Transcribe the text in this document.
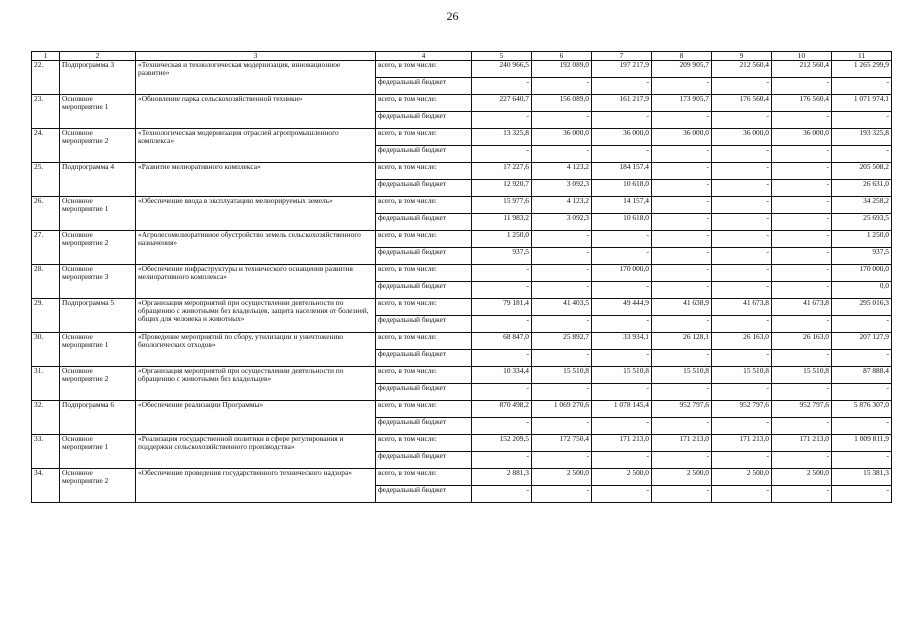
26
1	2	3	4	5	6	7	8	9	10	11
22.	Подпрограмма 3	«Техническая и технологическая модернизация, инновационное развитие»	всего, в том числе:	240 966,5	192 089,0	197 217,9	209 905,7	212 560,4	212 560,4	1 265 299,9
			федеральный бюджет	-	-	-	-	-	-	-
23.	Основное мероприятие 1	«Обновление парка сельскохозяйственной техники»	всего, в том числе:	227 640,7	156 089,0	161 217,9	173 905,7	176 560,4	176 560,4	1 071 974,1
			федеральный бюджет	-	-	-	-	-	-	-
24.	Основное мероприятие 2	«Технологическая модернизация отраслей агропромышленного комплекса»	всего, в том числе:	13 325,8	36 000,0	36 000,0	36 000,0	36 000,0	36 000,0	193 325,8
			федеральный бюджет	-	-	-	-	-	-	-
25.	Подпрограмма 4	«Развитие мелиоративного комплекса»	всего, в том числе:	17 227,6	4 123,2	184 157,4	-	-	-	205 508,2
			федеральный бюджет	12 920,7	3 092,3	10 618,0	-	-	-	26 631,0
26.	Основное мероприятие 1	«Обеспечение ввода в эксплуатацию мелиорируемых земель»	всего, в том числе:	15 977,6	4 123,2	14 157,4	-	-	-	34 258,2
			федеральный бюджет	11 983,2	3 092,3	10 618,0	-	-	-	25 693,5
27.	Основное мероприятие 2	«Агролесомелиоративное обустройство земель сельскохозяйственного назначения»	всего, в том числе:	1 250,0	-	-	-	-	-	1 250,0
			федеральный бюджет	937,5	-	-	-	-	-	937,5
28.	Основное мероприятие 3	«Обеспечение инфраструктуры и технического оснащения развития мелиоративного комплекса»	всего, в том числе:	-	-	170 000,0	-	-	-	170 000,0
			федеральный бюджет	-	-	-	-	-	-	0,0
29.	Подпрограмма 5	«Организация мероприятий при осуществлении деятельности по обращению с животными без владельцев, защита населения от болезней, общих для человека и животных»	всего, в том числе:	79 181,4	41 403,5	49 444,9	41 638,9	41 673,8	41 673,8	295 016,3
			федеральный бюджет	-	-	-	-	-	-	-
30.	Основное мероприятие 1	«Проведение мероприятий по сбору, утилизации и уничтожению биологических отходов»	всего, в том числе:	68 847,0	25 892,7	33 934,1	26 128,1	26 163,0	26 163,0	207 127,9
			федеральный бюджет	-	-	-	-	-	-	-
31.	Основное мероприятие 2	«Организация мероприятий при осуществлении деятельности по обращению с животными без владельцев»	всего, в том числе:	10 334,4	15 510,8	15 510,8	15 510,8	15 510,8	15 510,8	87 888,4
			федеральный бюджет	-	-	-	-	-	-	-
32.	Подпрограмма 6	«Обеспечение реализации Программы»	всего, в том числе:	870 498,2	1 069 270,6	1 078 145,4	952 797,6	952 797,6	952 797,6	5 876 307,0
			федеральный бюджет	-	-	-	-	-	-	-
33.	Основное мероприятие 1	«Реализация государственной политики в сфере регулирования и поддержки сельскохозяйственного производства»	всего, в том числе:	152 209,5	172 750,4	171 213,0	171 213,0	171 213,0	171 213,0	1 009 811,9
			федеральный бюджет	-	-	-	-	-	-	-
34.	Основное мероприятие 2	«Обеспечение проведения государственного технического надзора»	всего, в том числе:	2 881,3	2 500,0	2 500,0	2 500,0	2 500,0	2 500,0	15 381,3
			федеральный бюджет	-	-	-	-	-	-	-
